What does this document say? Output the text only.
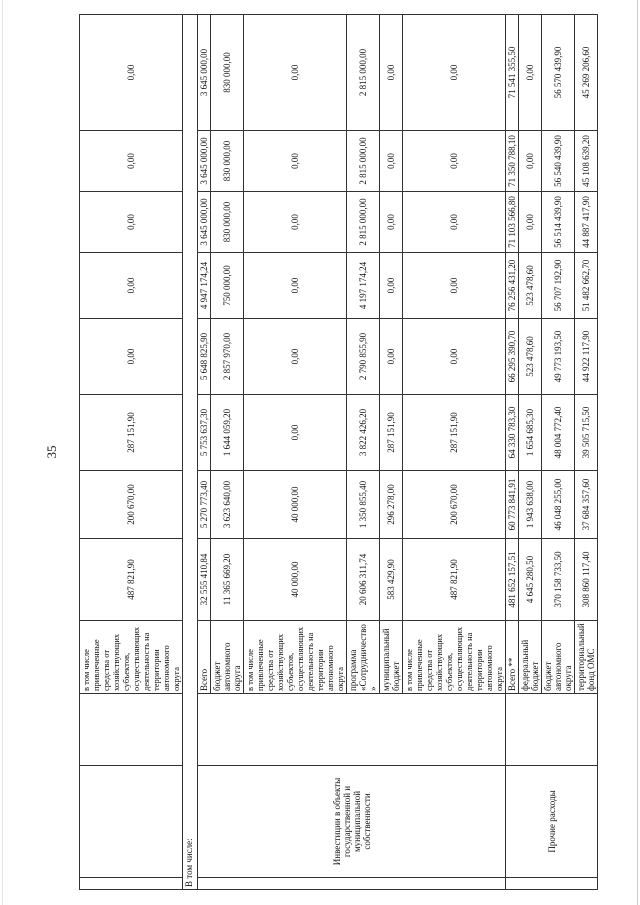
35
			в том числе привлеченные средства от хозяйствующих субъектов, осуществляющих деятельность на территории автономного округа	487 821,90	200 670,00	287 151,90	0,00	0,00	0,00	0,00	0,00
В том числе:											
	Инвестиции в объекты государственной и муниципальной собственности		Всего	32 555 410,84	5 270 773,40	5 753 637,30	5 648 825,90	4 947 174,24	3 645 000,00	3 645 000,00	3 645 000,00
			бюджет автономного округа	11 365 669,20	3 623 640,00	1 644 059,20	2 857 970,00	750 000,00	830 000,00	830 000,00	830 000,00
			в том числе привлеченные средства от хозяйствующих субъектов, осуществляющих деятельность на территории автономного округа	40 000,00	40 000,00	0,00	0,00	0,00	0,00	0,00	0,00
			программа «Сотрудничество»	20 606 311,74	1 350 855,40	3 822 426,20	2 790 855,90	4 197 174,24	2 815 000,00	2 815 000,00	2 815 000,00
			муниципальный бюджет	583 429,90	296 278,00	287 151,90	0,00	0,00	0,00	0,00	0,00
			в том числе привлеченные средства от хозяйствующих субъектов, осуществляющих деятельность на территории автономного округа	487 821,90	200 670,00	287 151,90	0,00	0,00	0,00	0,00	0,00
	Прочие расходы		Всего **	481 652 157,51	60 773 841,91	64 330 783,30	66 295 390,70	76 256 431,20	71 103 566,80	71 350 788,10	71 541 355,50
			федеральный бюджет	4 645 280,50	1 943 638,00	1 654 685,30	523 478,60	523 478,60	0,00	0,00	0,00
			бюджет автономного округа	370 158 733,50	46 048 255,00	48 004 772,40	49 773 193,50	56 707 192,90	56 514 439,90	56 540 439,90	56 570 439,90
			территориальный фонд ОМС	308 860 117,40	37 684 357,60	39 505 715,50	44 922 117,90	51 482 662,70	44 887 417,90	45 108 639,20	45 269 206,60
